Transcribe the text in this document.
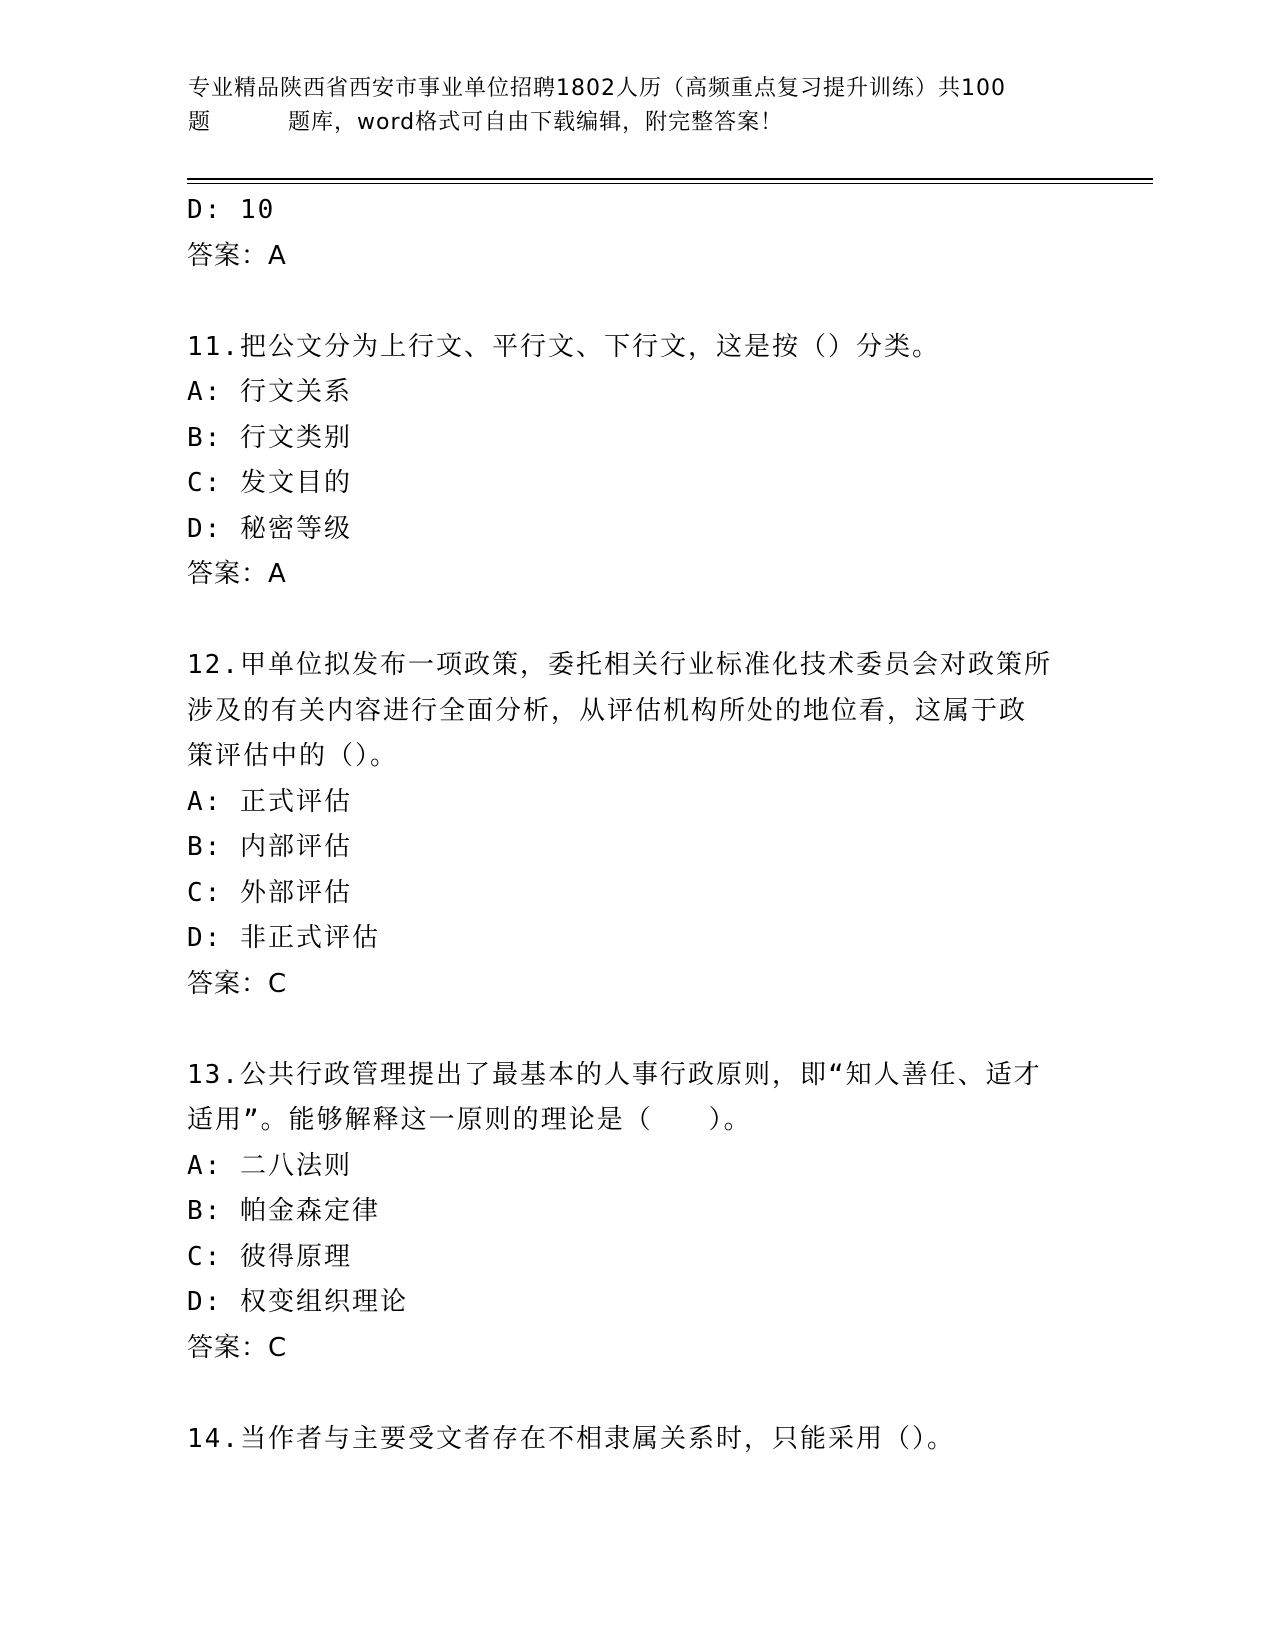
专业精品陕西省西安市事业单位招聘1802人历（高频重点复习提升训练）共100
题	题库，word格式可自由下载编辑，附完整答案！
D: 10
答案：A
11.把公文分为上行文、平行文、下行文，这是按（）分类。
A: 行文关系
B: 行文类别
C: 发文目的
D: 秘密等级
答案：A
12.甲单位拟发布一项政策，委托相关行业标准化技术委员会对政策所
涉及的有关内容进行全面分析，从评估机构所处的地位看，这属于政
策评估中的（）。
A: 正式评估
B: 内部评估
C: 外部评估
D: 非正式评估
答案：C
13.公共行政管理提出了最基本的人事行政原则，即“知人善任、适才
适用”。能够解释这一原则的理论是（　　）。
A: 二八法则
B: 帕金森定律
C: 彼得原理
D: 权变组织理论
答案：C
14.当作者与主要受文者存在不相隶属关系时，只能采用（）。
